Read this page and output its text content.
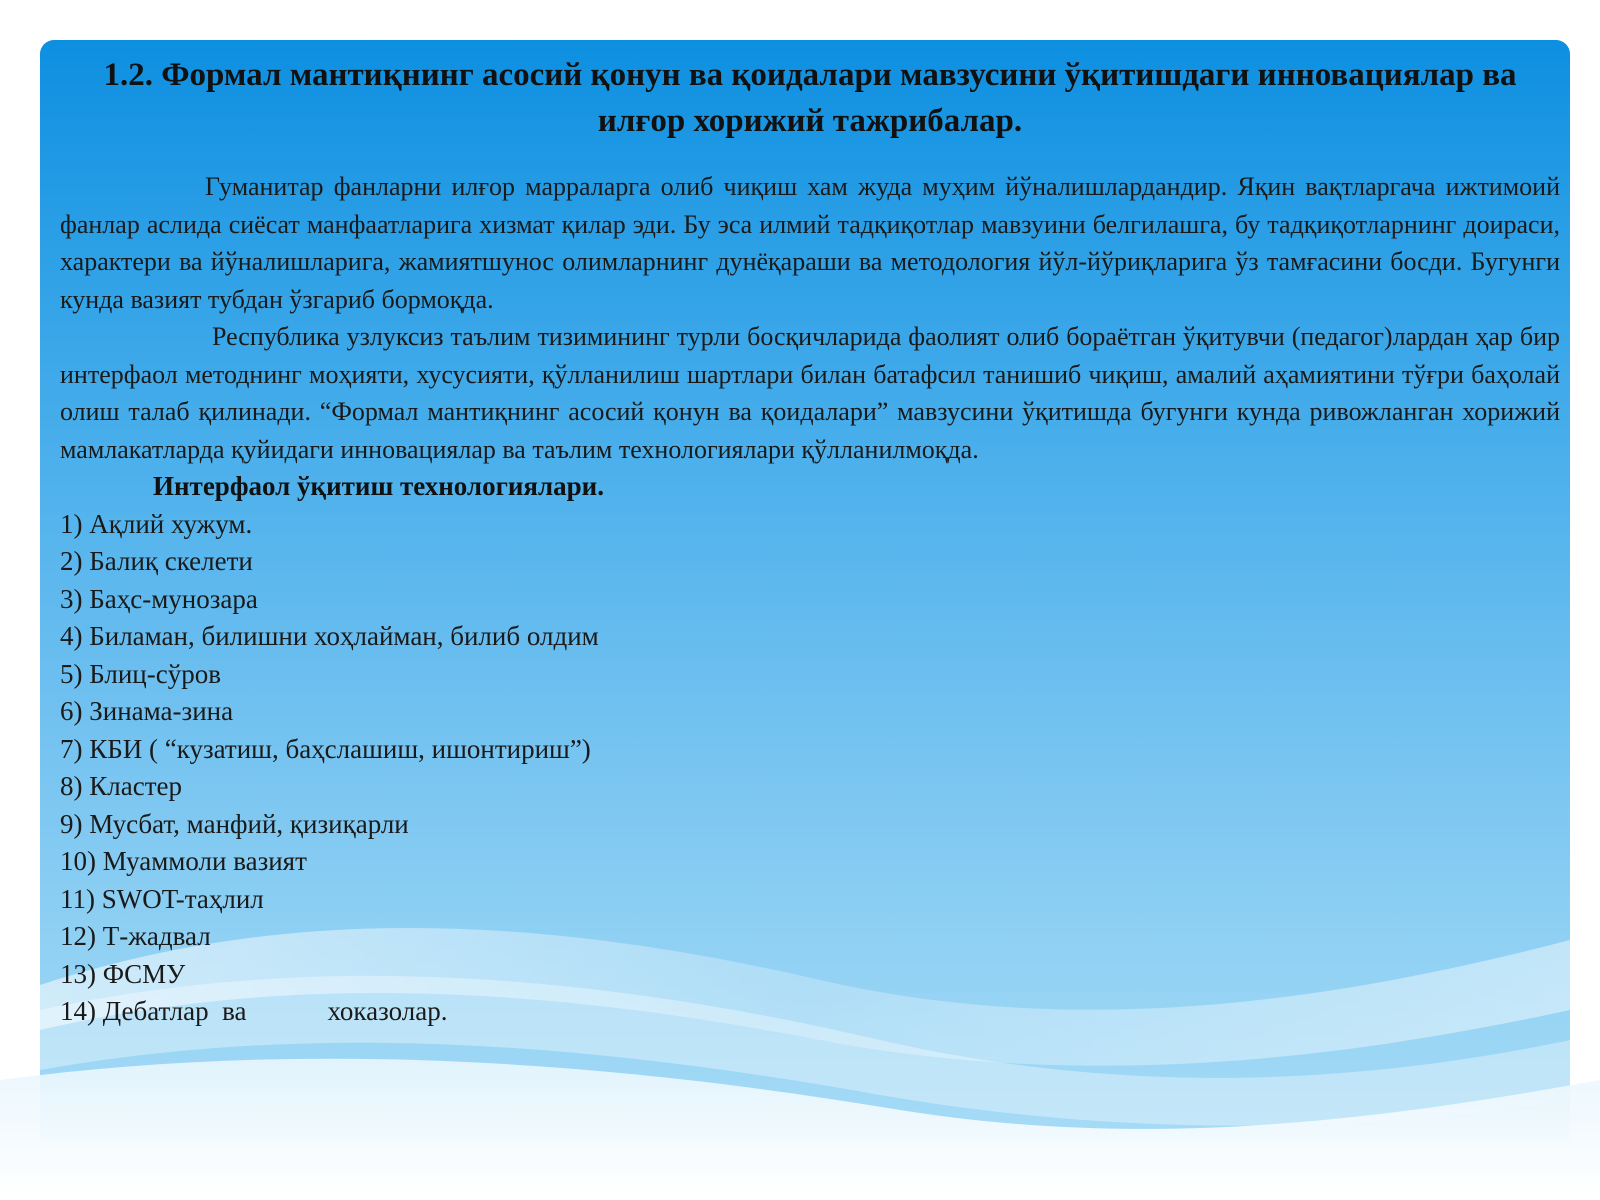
1.2. Формал мантиқнинг асосий қонун ва қоидалари мавзусини ўқитишдаги инновациялар ва илғор хорижий тажрибалар.

Гуманитар фанларни илғор марраларга олиб чиқиш хам жуда муҳим йўналишлардандир. Яқин вақтларгача ижтимоий фанлар аслида сиёсат манфаатларига хизмат қилар эди. Бу эса илмий тадқиқотлар мавзуини белгилашга, бу тадқиқотларнинг доираси, характери ва йўналишларига, жамиятшунос олимларнинг дунёқараши ва методология йўл-йўриқларига ўз тамғасини босди. Бугунги кунда вазият тубдан ўзгариб бормоқда.

Республика узлуксиз таълим тизимининг турли босқичларида фаолият олиб бораётган ўқитувчи (педагог)лардан ҳар бир интерфаол методнинг моҳияти, хусусияти, қўлланилиш шартлари билан батафсил танишиб чиқиш, амалий аҳамиятини тўғри баҳолай олиш талаб қилинади. “Формал мантиқнинг асосий қонун ва қоидалари” мавзусини ўқитишда бугунги кунда ривожланган хорижий мамлакатларда қуйидаги инновациялар ва таълим технологиялари қўлланилмоқда.

Интерфаол ўқитиш технологиялари.
1) Ақлий хужум.
2) Балиқ скелети
3) Баҳс-мунозара
4) Биламан, билишни хоҳлайман, билиб олдим
5) Блиц-сўров
6) Зинама-зина
7) КБИ ( “кузатиш, баҳслашиш, ишонтириш”)
8) Кластер
9) Мусбат, манфий, қизиқарли
10) Муаммоли вазият
11) SWOT-таҳлил
12) Т-жадвал
13) ФСМУ
14) Дебатлар  ва            хоказолар.
